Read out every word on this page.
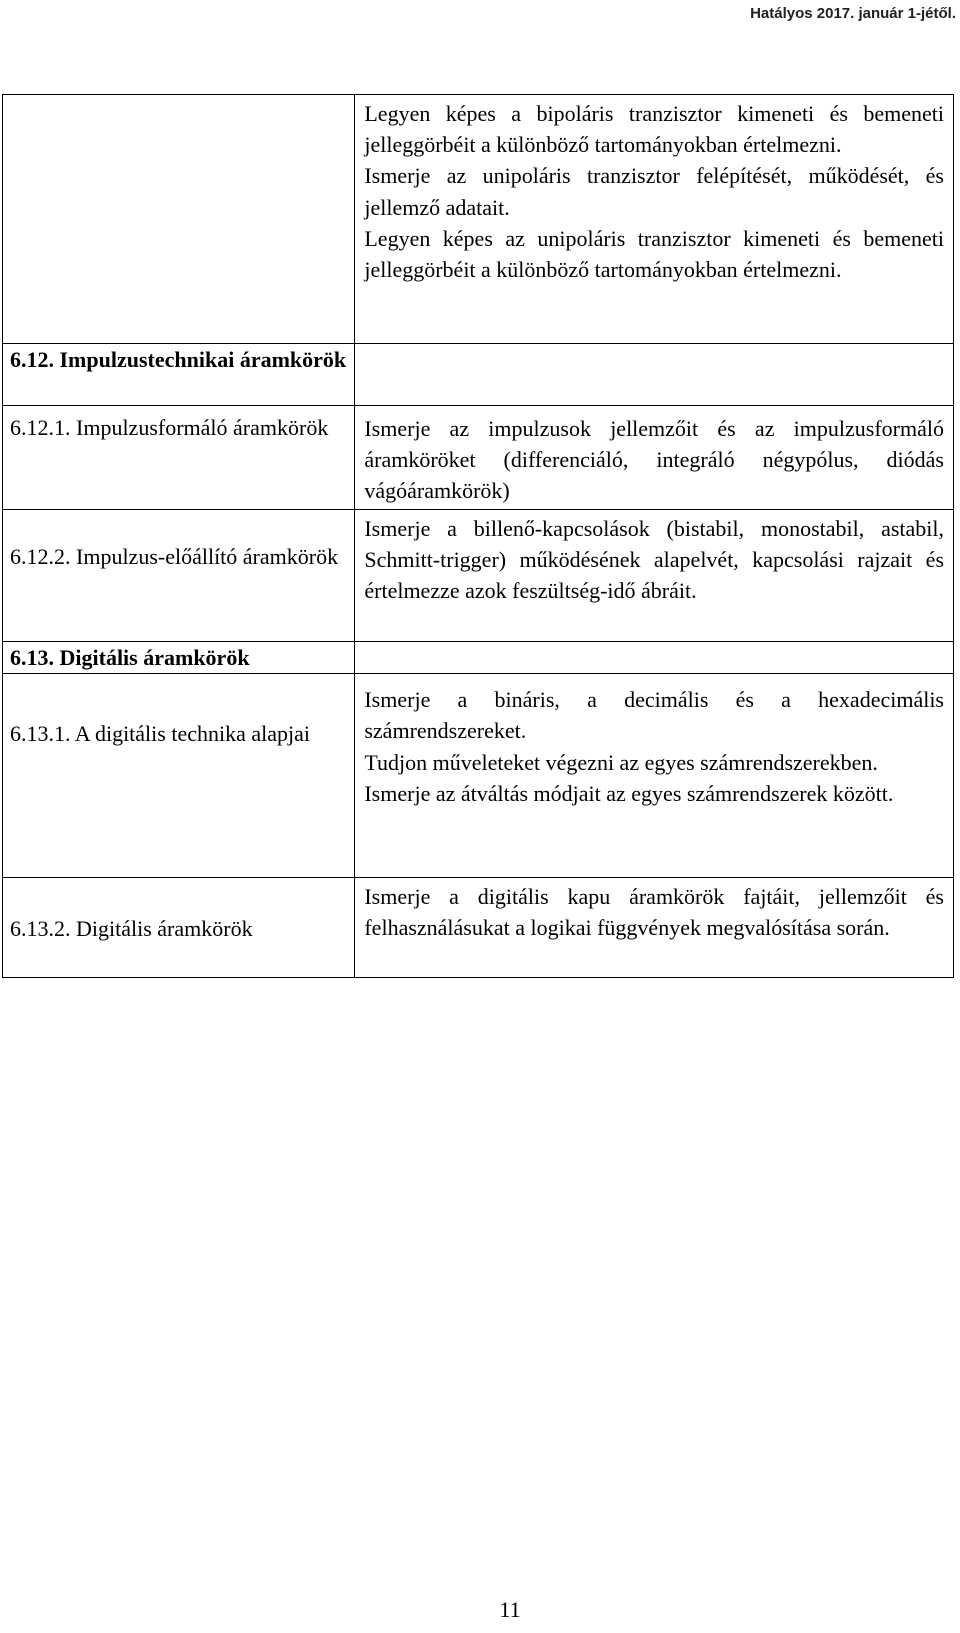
Hatályos 2017. január 1-jétől.

	Legyen képes a bipoláris tranzisztor kimeneti és bemeneti jelleggörbéit a különböző tartományokban értelmezni.
Ismerje az unipoláris tranzisztor felépítését, működését, és jellemző adatait.
Legyen képes az unipoláris tranzisztor kimeneti és bemeneti jelleggörbéit a különböző tartományokban értelmezni.

6.12. Impulzustechnikai áramkörök	

6.12.1. Impulzusformáló áramkörök	Ismerje az impulzusok jellemzőit és az impulzusformáló áramköröket (differenciáló, integráló négypólus, diódás vágóáramkörök)

6.12.2. Impulzus-előállító áramkörök	Ismerje a billenő-kapcsolások (bistabil, monostabil, astabil, Schmitt-trigger) működésének alapelvét, kapcsolási rajzait és értelmezze azok feszültség-idő ábráit.

6.13. Digitális áramkörök	

6.13.1. A digitális technika alapjai	Ismerje a bináris, a decimális és a hexadecimális számrendszereket.
Tudjon műveleteket végezni az egyes számrendszerekben.
Ismerje az átváltás módjait az egyes számrendszerek között.

6.13.2. Digitális áramkörök	Ismerje a digitális kapu áramkörök fajtáit, jellemzőit és felhasználásukat a logikai függvények megvalósítása során.
11
